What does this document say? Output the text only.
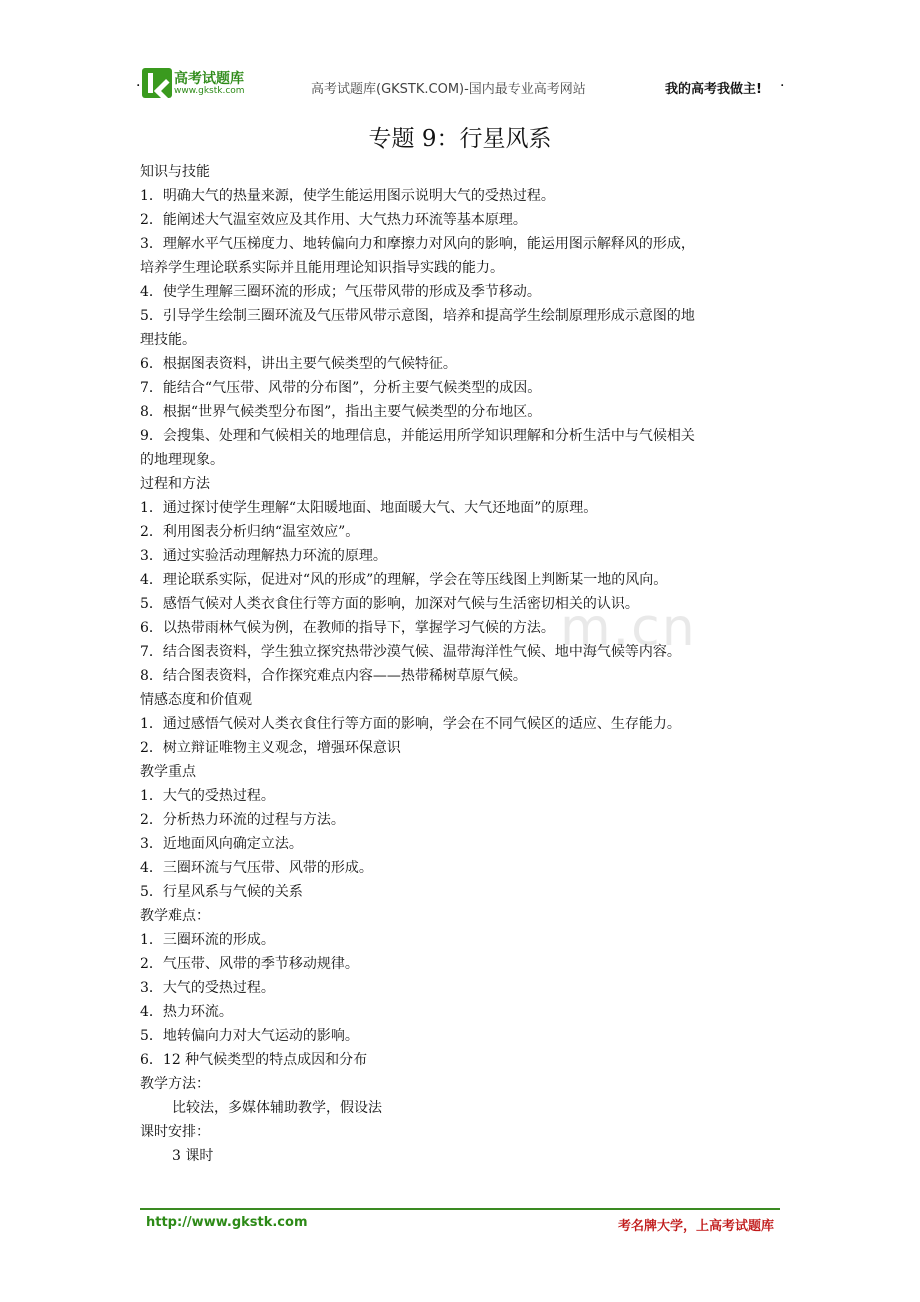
· 高考试题库
www.gkstk.com	高考试题库(GKSTK.COM)-国内最专业高考网站	我的高考我做主! ·
专题 9：行星风系
m.cn

知识与技能

1．明确大气的热量来源，使学生能运用图示说明大气的受热过程。

2．能阐述大气温室效应及其作用、大气热力环流等基本原理。

3．理解水平气压梯度力、地转偏向力和摩擦力对风向的影响，能运用图示解释风的形成，

培养学生理论联系实际并且能用理论知识指导实践的能力。

4．使学生理解三圈环流的形成；气压带风带的形成及季节移动。

5．引导学生绘制三圈环流及气压带风带示意图，培养和提高学生绘制原理形成示意图的地

理技能。

6．根据图表资料，讲出主要气候类型的气候特征。

7．能结合“气压带、风带的分布图”，分析主要气候类型的成因。

8．根据“世界气候类型分布图”，指出主要气候类型的分布地区。

9．会搜集、处理和气候相关的地理信息，并能运用所学知识理解和分析生活中与气候相关

的地理现象。

过程和方法

1．通过探讨使学生理解“太阳暖地面、地面暖大气、大气还地面”的原理。

2．利用图表分析归纳“温室效应”。

3．通过实验活动理解热力环流的原理。

4．理论联系实际，促进对“风的形成”的理解，学会在等压线图上判断某一地的风向。

5．感悟气候对人类衣食住行等方面的影响，加深对气候与生活密切相关的认识。

6．以热带雨林气候为例，在教师的指导下，掌握学习气候的方法。

7．结合图表资料，学生独立探究热带沙漠气候、温带海洋性气候、地中海气候等内容。

8．结合图表资料，合作探究难点内容——热带稀树草原气候。

情感态度和价值观

1．通过感悟气候对人类衣食住行等方面的影响，学会在不同气候区的适应、生存能力。

2．树立辩证唯物主义观念，增强环保意识

教学重点

1．大气的受热过程。

2．分析热力环流的过程与方法。

3．近地面风向确定立法。

4．三圈环流与气压带、风带的形成。

5．行星风系与气候的关系

教学难点：

1．三圈环流的形成。

2．气压带、风带的季节移动规律。

3．大气的受热过程。

4．热力环流。

5．地转偏向力对大气运动的影响。

6．12 种气候类型的特点成因和分布

教学方法：

比较法，多媒体辅助教学，假设法

课时安排：

3 课时

http://www.gkstk.com	考名牌大学，上高考试题库
